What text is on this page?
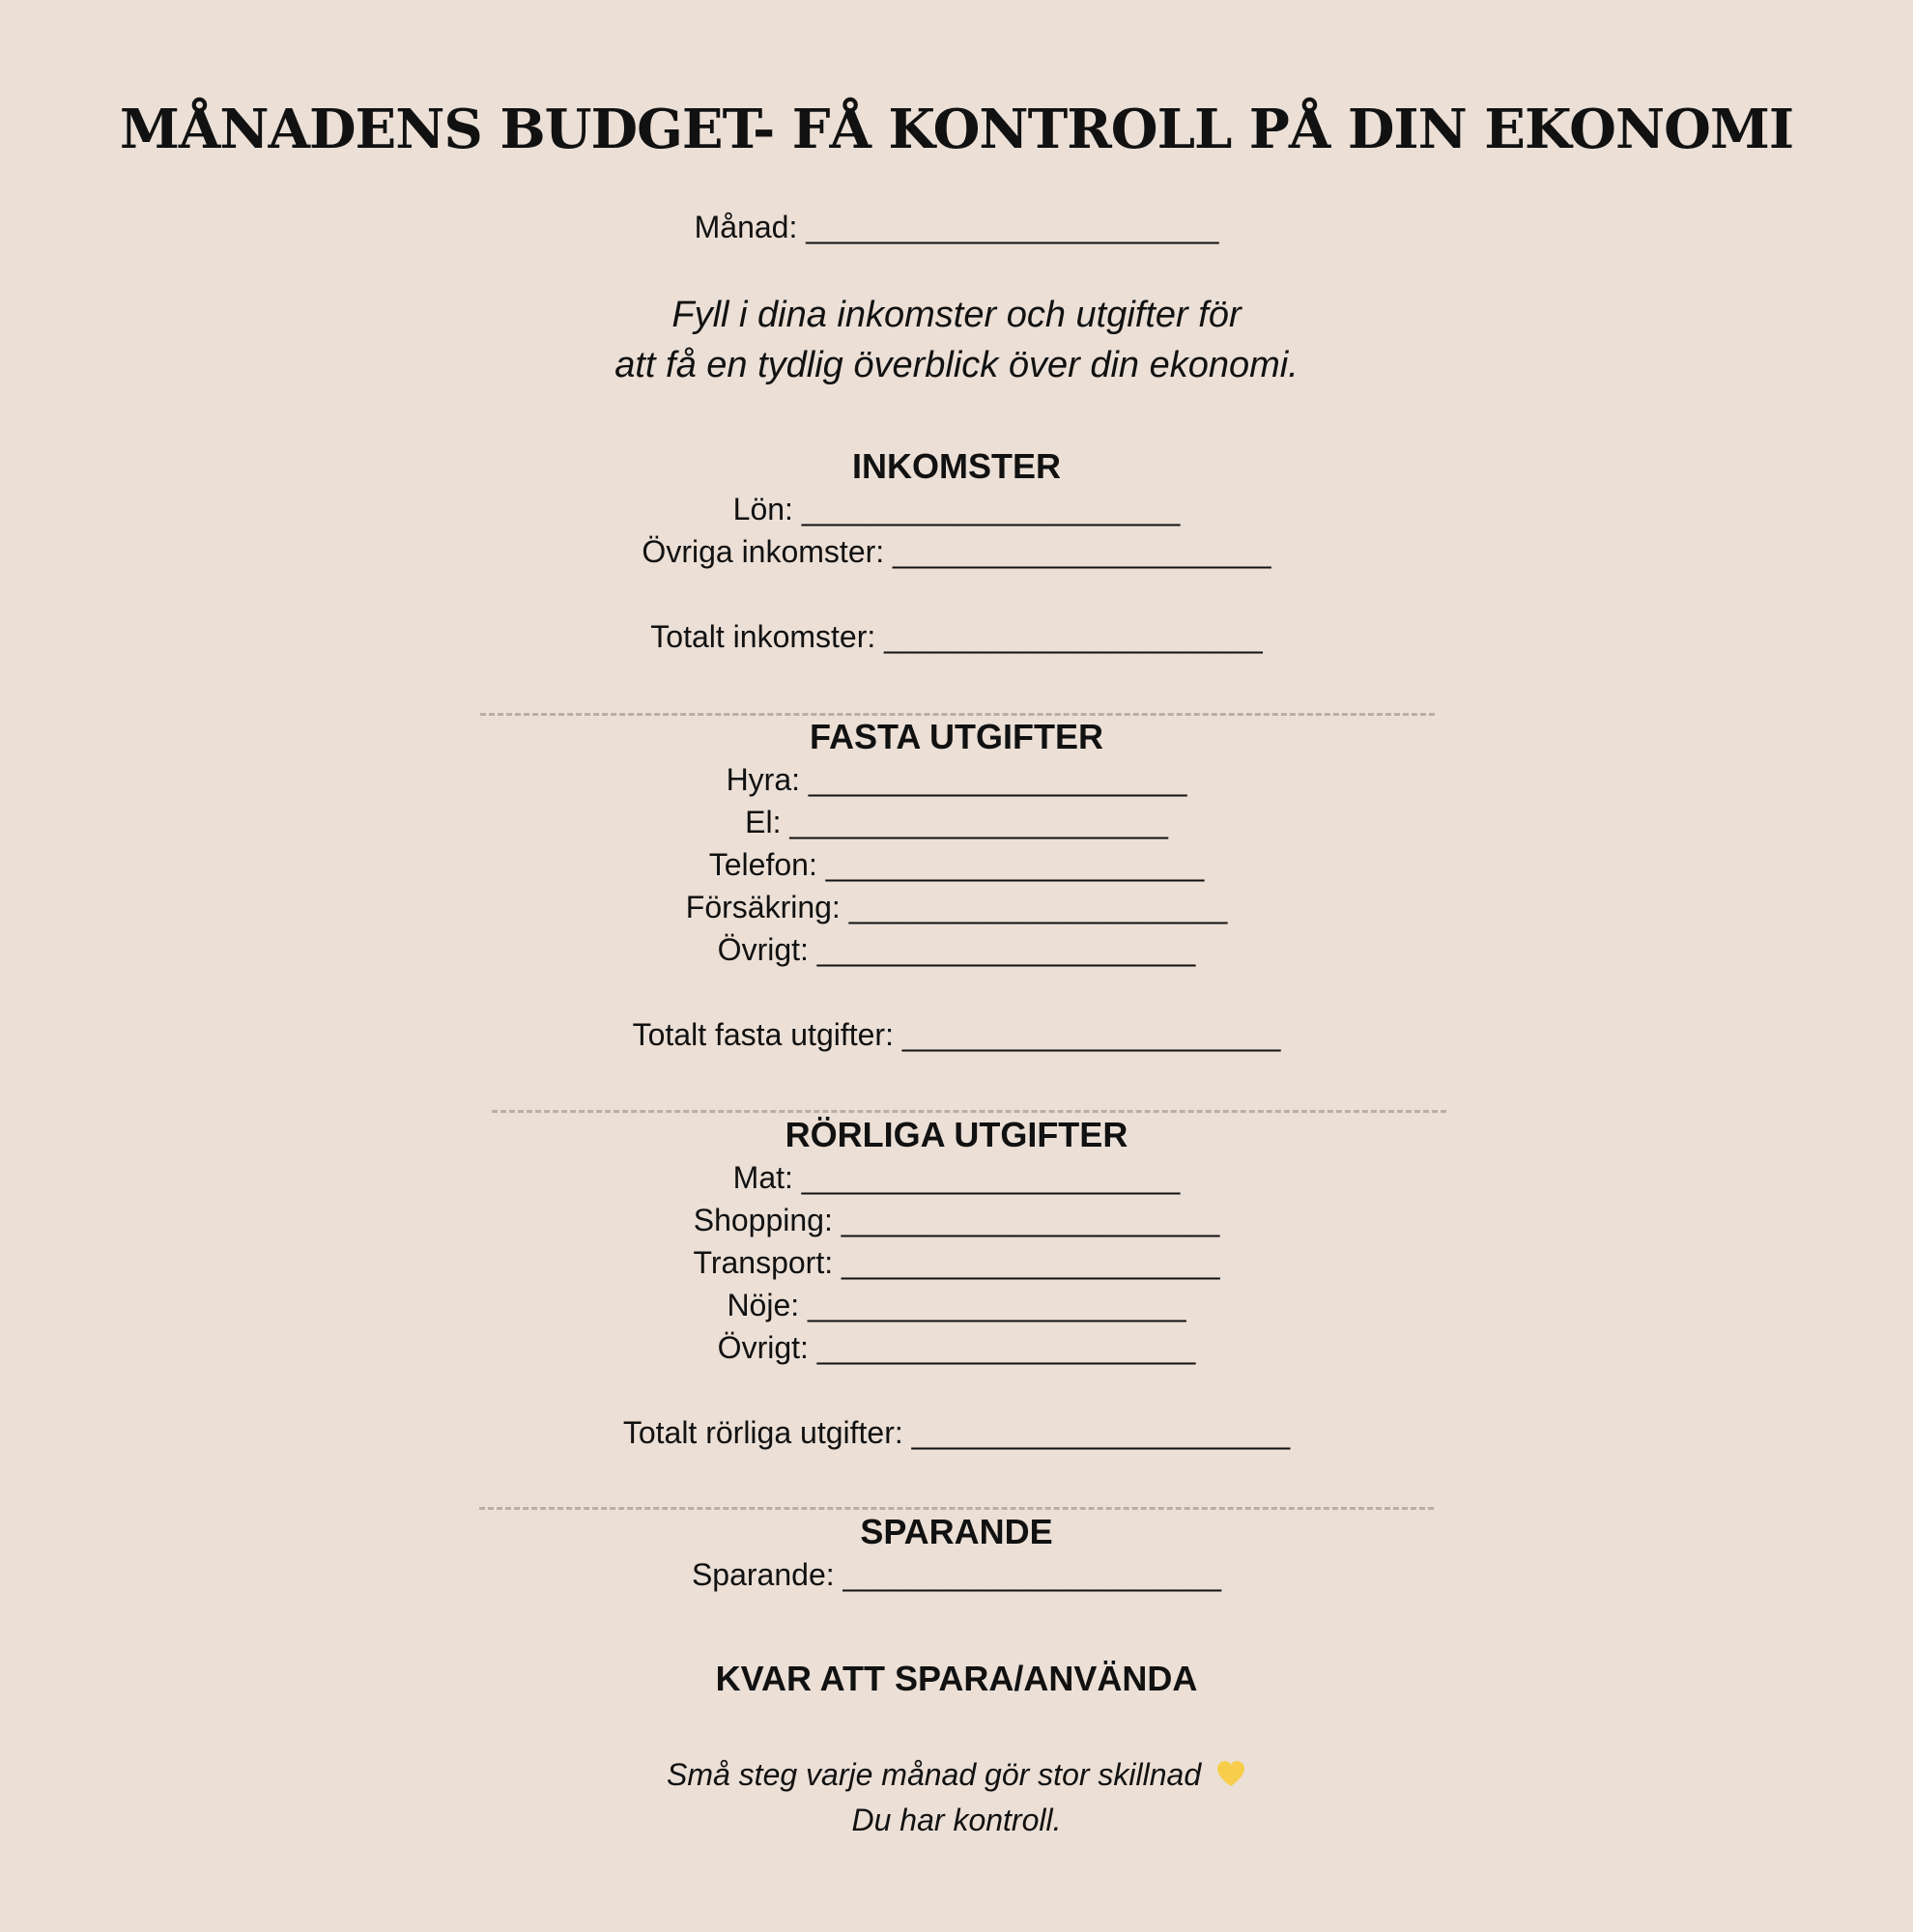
MÅNADENS BUDGET- FÅ KONTROLL PÅ DIN EKONOMI
Månad: ________________________
Fyll i dina inkomster och utgifter för
att få en tydlig överblick över din ekonomi.
INKOMSTER
Lön: ______________________
Övriga inkomster: ______________________
Totalt inkomster: ______________________
FASTA UTGIFTER
Hyra: ______________________
El: ______________________
Telefon: ______________________
Försäkring: ______________________
Övrigt: ______________________
Totalt fasta utgifter: ______________________
RÖRLIGA UTGIFTER
Mat: ______________________
Shopping: ______________________
Transport: ______________________
Nöje: ______________________
Övrigt: ______________________
Totalt rörliga utgifter: ______________________
SPARANDE
Sparande: ______________________
KVAR ATT SPARA/ANVÄNDA
Små steg varje månad gör stor skillnad
Du har kontroll.
